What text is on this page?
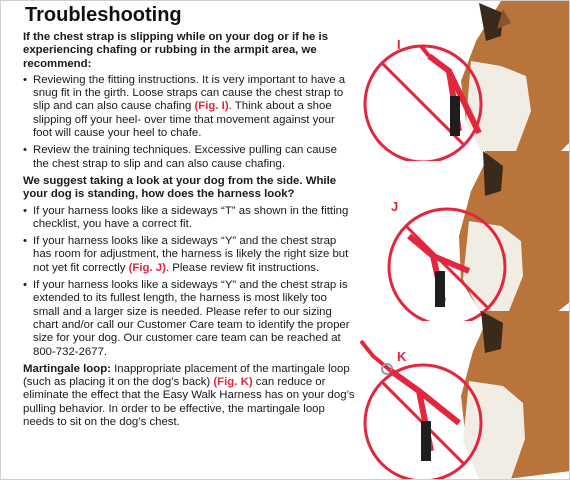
Troubleshooting

If the chest strap is slipping while on your dog or if he is experiencing chafing or rubbing in the armpit area, we recommend:

• Reviewing the fitting instructions. It is very important to have a snug fit in the girth. Loose straps can cause the chest strap to slip and can also cause chafing (Fig. I). Think about a shoe slipping off your heel- over time that movement against your foot will cause your heel to chafe.
• Review the training techniques. Excessive pulling can cause the chest strap to slip and can also cause chafing.

We suggest taking a look at your dog from the side. While your dog is standing, how does the harness look?

• If your harness looks like a sideways “T” as shown in the fitting checklist, you have a correct fit.
• If your harness looks like a sideways “Y” and the chest strap has room for adjustment, the harness is likely the right size but not yet fit correctly (Fig. J). Please review fit instructions.
• If your harness looks like a sideways “Y” and the chest strap is extended to its fullest length, the harness is most likely too small and a larger size is needed. Please refer to our sizing chart and/or call our Customer Care team to identify the proper size for your dog. Our customer care team can be reached at 800-732-2677.

Martingale loop: Inappropriate placement of the martingale loop (such as placing it on the dog’s back) (Fig. K) can reduce or eliminate the effect that the Easy Walk Harness has on your dog’s pulling behavior. In order to be effective, the martingale loop needs to sit on the dog’s chest.

I
J
K
